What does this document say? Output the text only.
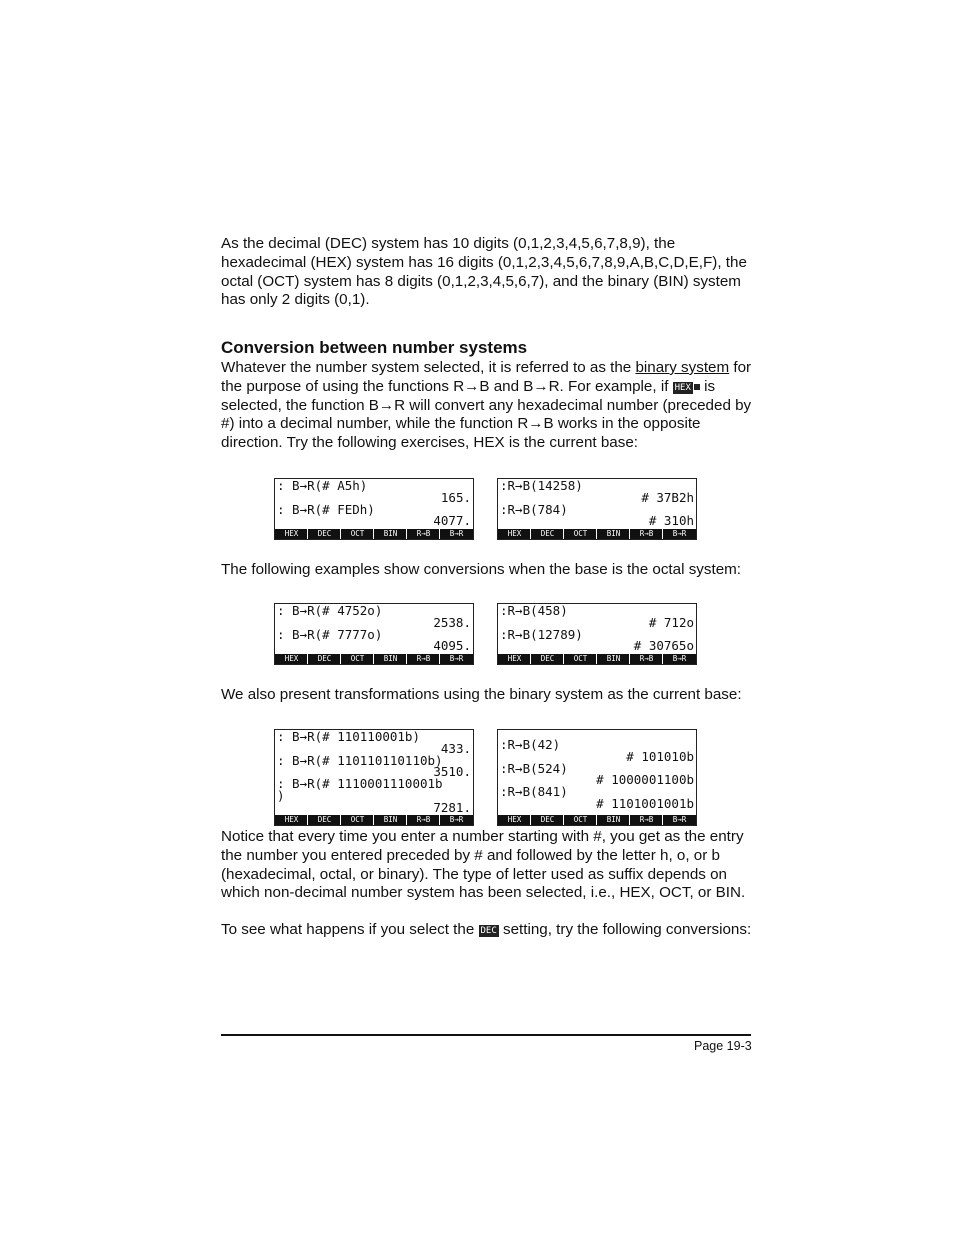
As the decimal (DEC) system has 10 digits (0,1,2,3,4,5,6,7,8,9), the
hexadecimal (HEX) system has 16 digits (0,1,2,3,4,5,6,7,8,9,A,B,C,D,E,F), the
octal (OCT) system has 8 digits (0,1,2,3,4,5,6,7), and the binary (BIN) system
has only 2 digits (0,1).
Conversion between number systems
Whatever the number system selected, it is referred to as the binary system for
the purpose of using the functions R→B and B→R. For example, if HEX is
selected, the function B→R will convert any hexadecimal number (preceded by
#) into a decimal number, while the function R→B works in the opposite
direction. Try the following exercises, HEX is the current base:
: B→R(# A5h)
165.
: B→R(# FEDh)
4077.
HEX	DEC	OCT	BIN	R→B	B→R
:R→B(14258)
# 37B2h
:R→B(784)
# 310h
HEX	DEC	OCT	BIN	R→B	B→R
The following examples show conversions when the base is the octal system:
: B→R(# 4752o)
2538.
: B→R(# 7777o)
4095.
HEX	DEC	OCT	BIN	R→B	B→R
:R→B(458)
# 712o
:R→B(12789)
# 30765o
HEX	DEC	OCT	BIN	R→B	B→R
We also present transformations using the binary system as the current base:
: B→R(# 110110001b)
433.
: B→R(# 110110110110b)
3510.
: B→R(# 1110001110001b
)
7281.
HEX	DEC	OCT	BIN	R→B	B→R
:R→B(42)
# 101010b
:R→B(524)
# 1000001100b
:R→B(841)
# 1101001001b
HEX	DEC	OCT	BIN	R→B	B→R
Notice that every time you enter a number starting with #, you get as the entry
the number you entered preceded by # and followed by the letter h, o, or b
(hexadecimal, octal, or binary). The type of letter used as suffix depends on
which non-decimal number system has been selected, i.e., HEX, OCT, or BIN.
To see what happens if you select the DEC setting, try the following conversions:
Page 19-3
